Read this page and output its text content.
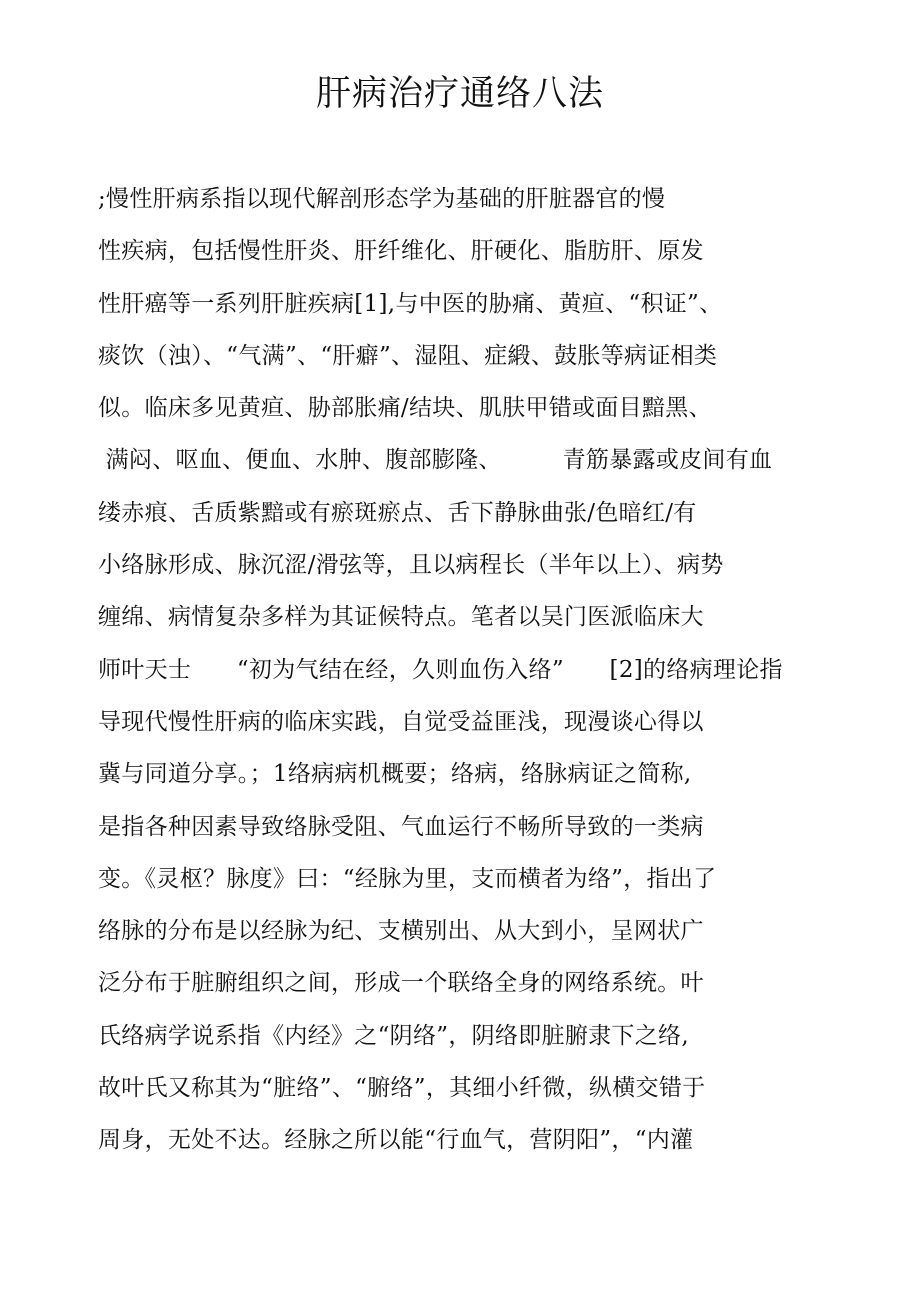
肝病治疗通络八法
;慢性肝病系指以现代解剖形态学为基础的肝脏器官的慢
性疾病，包括慢性肝炎、肝纤维化、肝硬化、脂肪肝、原发
性肝癌等一系列肝脏疾病[1],与中医的胁痛、黄疸、“积证”、
痰饮（浊）、“气满”、“肝癖”、湿阻、症緞、鼓胀等病证相类
似。临床多见黄疸、胁部胀痛/结块、肌肤甲错或面目黯黑、
满闷、呕血、便血、水肿、腹部膨隆、        青筋暴露或皮间有血
缕赤痕、舌质紫黯或有瘀斑瘀点、舌下静脉曲张/色暗红/有
小络脉形成、脉沉涩/滑弦等，且以病程长（半年以上）、病势
缠绵、病情复杂多样为其证候特点。笔者以吴门医派临床大
师叶天士      “初为气结在经，久则血伤入络”      [2]的络病理论指
导现代慢性肝病的临床实践，自觉受益匪浅，现漫谈心得以
冀与同道分享。；1络病病机概要；络病，络脉病证之简称,
是指各种因素导致络脉受阻、气血运行不畅所导致的一类病
变。《灵枢？脉度》曰：“经脉为里，支而横者为络”，指出了
络脉的分布是以经脉为纪、支横别出、从大到小，呈网状广
泛分布于脏腑组织之间，形成一个联络全身的网络系统。叶
氏络病学说系指《内经》之“阴络”，阴络即脏腑隶下之络,
故叶氏又称其为“脏络”、“腑络”，其细小纤微，纵横交错于
周身，无处不达。经脉之所以能“行血气，营阴阳”，“内灌
